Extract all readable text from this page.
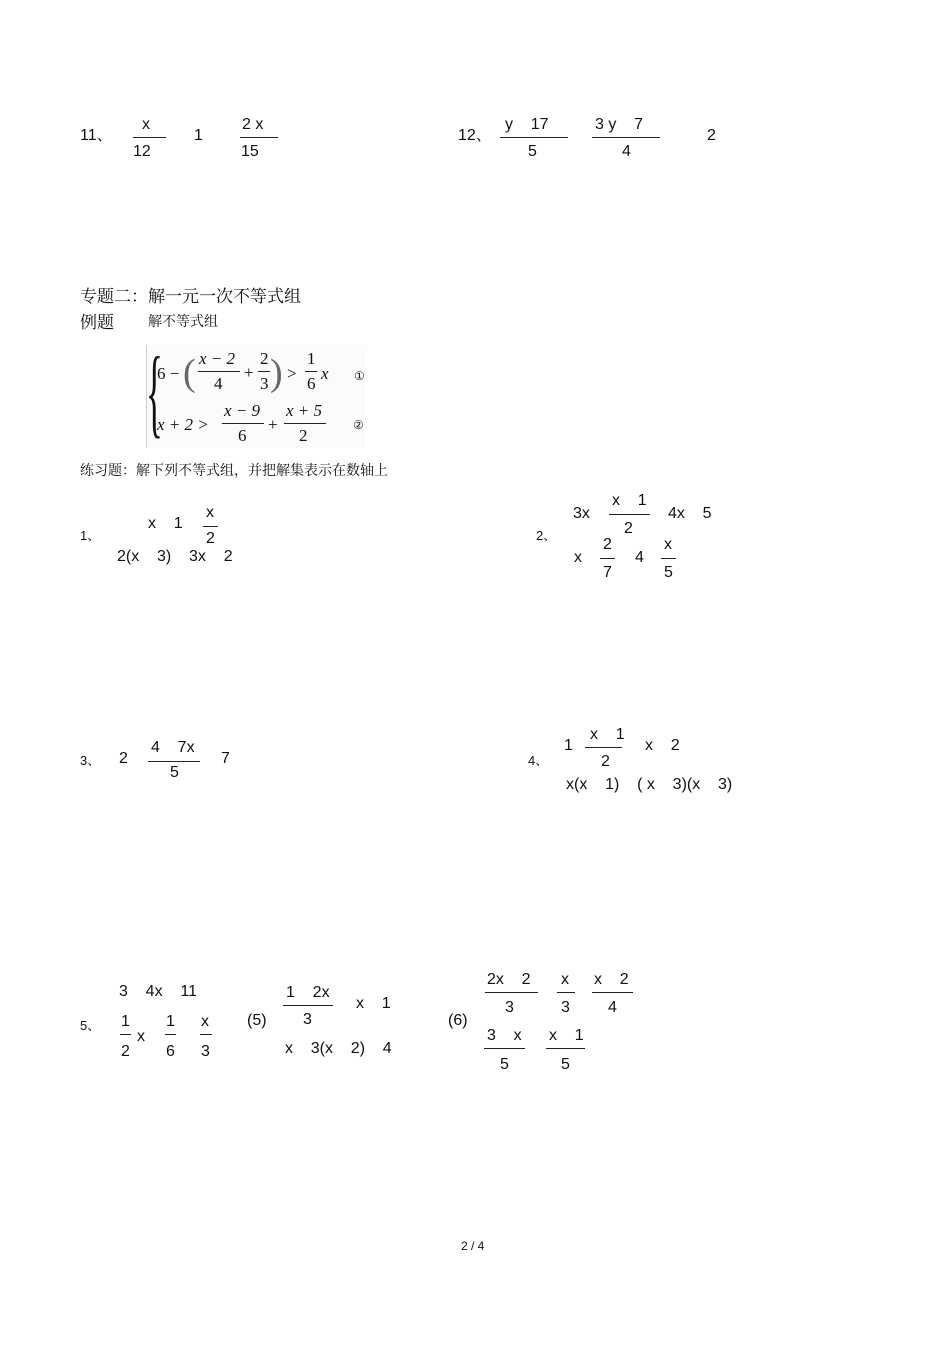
11、
x
12
1
2 x
15
12、
y    17
5
3 y    7
4
2
专题二：解一元一次不等式组
例题 解不等式组
{
6 − ( x − 2
4
+
2
3 ) >
1
6
x ①
x + 2 >
x − 9
6
+
x + 5
2
②
练习题：解下列不等式组，并把解集表示在数轴上
1、
x    1
x
2
2(x    3)    3x    2
2、
3x
x    1
2
4x    5
x
2
7
4
x
5
3、 2
4    7x
5
7	4、
1
x    1
2
x    2
x(x    1)    ( x    3)(x    3)
5、
3    4x    11
1
2
x
1
6
x
3
(5)
1    2x
3
x    1
x    3(x    2)    4
(6)
2x    2
3
x
3
x    2
4
3    x
5
x    1
5
2 / 4
